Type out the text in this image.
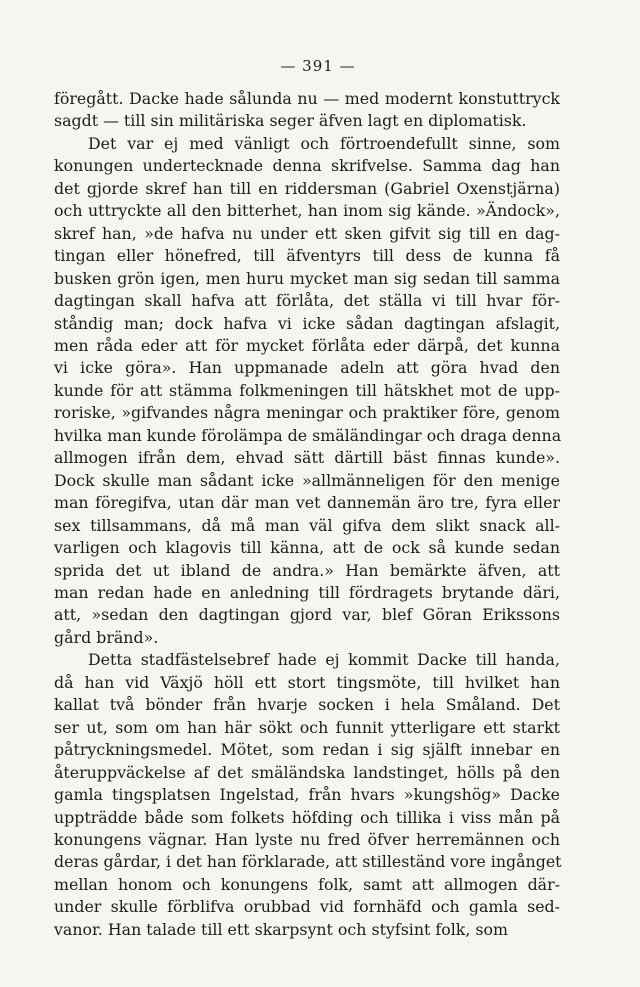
— 391 —
föregått. Dacke hade sålunda nu — med modernt konstuttryck
sagdt — till sin militäriska seger äfven lagt en diplomatisk.
Det var ej med vänligt och förtroendefullt sinne, som
konungen undertecknade denna skrifvelse. Samma dag han
det gjorde skref han till en riddersman (Gabriel Oxenstjärna)
och uttryckte all den bitterhet, han inom sig kände. »Ändock»,
skref han, »de hafva nu under ett sken gifvit sig till en dag-
tingan eller hönefred, till äfventyrs till dess de kunna få
busken grön igen, men huru mycket man sig sedan till samma
dagtingan skall hafva att förlåta, det ställa vi till hvar för-
ståndig man; dock hafva vi icke sådan dagtingan afslagit,
men råda eder att för mycket förlåta eder därpå, det kunna
vi icke göra». Han uppmanade adeln att göra hvad den
kunde för att stämma folkmeningen till hätskhet mot de upp-
roriske, »gifvandes några meningar och praktiker före, genom
hvilka man kunde förolämpa de smäländingar och draga denna
allmogen ifrån dem, ehvad sätt därtill bäst finnas kunde».
Dock skulle man sådant icke »allmänneligen för den menige
man föregifva, utan där man vet dannemän äro tre, fyra eller
sex tillsammans, då må man väl gifva dem slikt snack all-
varligen och klagovis till känna, att de ock så kunde sedan
sprida det ut ibland de andra.» Han bemärkte äfven, att
man redan hade en anledning till fördragets brytande däri,
att, »sedan den dagtingan gjord var, blef Göran Erikssons
gård bränd».
Detta stadfästelsebref hade ej kommit Dacke till handa,
då han vid Växjö höll ett stort tingsmöte, till hvilket han
kallat två bönder från hvarje socken i hela Småland. Det
ser ut, som om han här sökt och funnit ytterligare ett starkt
påtryckningsmedel. Mötet, som redan i sig själft innebar en
återuppväckelse af det smäländska landstinget, hölls på den
gamla tingsplatsen Ingelstad, från hvars »kungshög» Dacke
uppträdde både som folkets höfding och tillika i viss mån på
konungens vägnar. Han lyste nu fred öfver herremännen och
deras gårdar, i det han förklarade, att stilleständ vore ingånget
mellan honom och konungens folk, samt att allmogen där-
under skulle förblifva orubbad vid fornhäfd och gamla sed-
vanor. Han talade till ett skarpsynt och styfsint folk, som
